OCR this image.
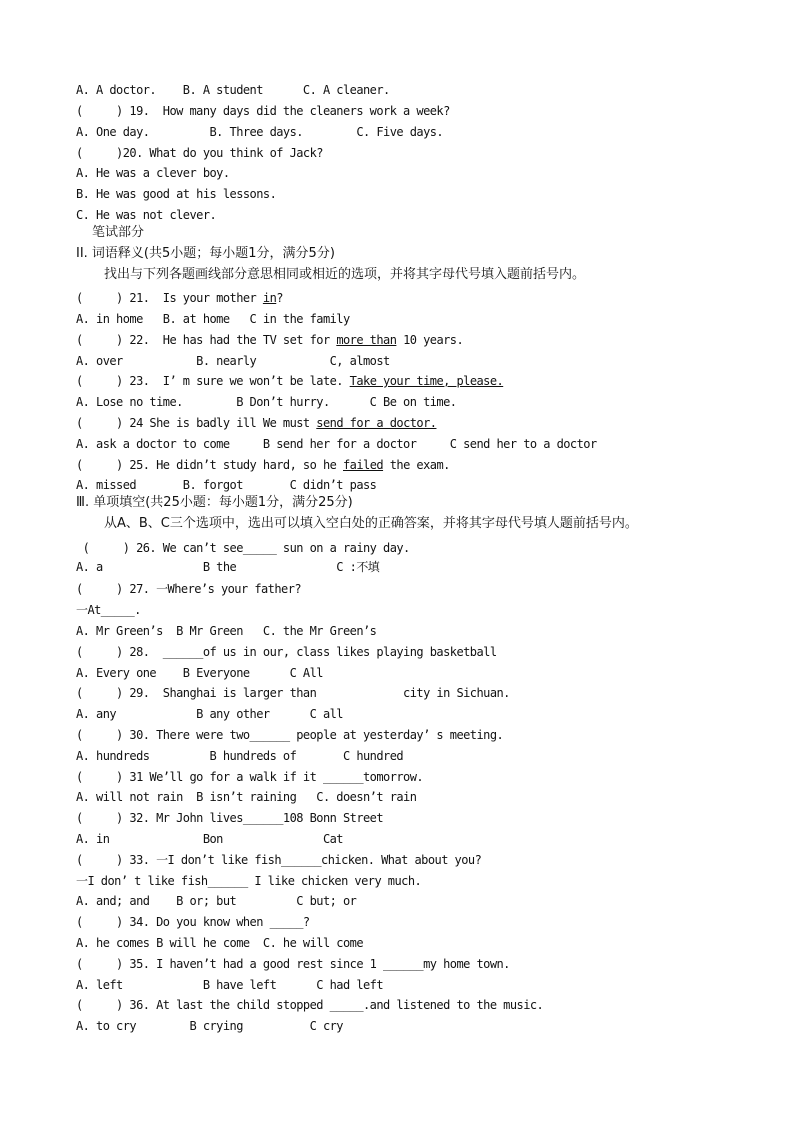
A. A doctor.    B. A student      C. A cleaner.
(     ) 19.  How many days did the cleaners work a week?
A. One day.         B. Three days.        C. Five days.
(     )20. What do you think of Jack?
A. He was a clever boy.
B. He was good at his lessons.
C. He was not clever.
笔试部分
II. 词语释义(共5小题；每小题1分，满分5分)
找出与下列各题画线部分意思相同或相近的选项，并将其字母代号填入题前括号内。
(     ) 21.  Is your mother in?
A. in home   B. at home   C in the family
(     ) 22.  He has had the TV set for more than 10 years.
A. over           B. nearly           C, almost
(     ) 23.  I’ m sure we won’t be late. Take your time, please.
A. Lose no time.        B Don’t hurry.      C Be on time.
(     ) 24 She is badly ill We must send for a doctor.
A. ask a doctor to come     B send her for a doctor     C send her to a doctor
(     ) 25. He didn’t study hard, so he failed the exam.
A. missed       B. forgot       C didn’t pass
Ⅲ. 单项填空(共25小题：每小题1分，满分25分)
从A、B、C三个选项中，选出可以填入空白处的正确答案，并将其字母代号填人题前括号内。
(     ) 26. We can’t see_____ sun on a rainy day.
A. a               B the               C :不填
(     ) 27. 一Where’s your father?
一At_____.
A. Mr Green’s  B Mr Green   C. the Mr Green’s
(     ) 28.  ______of us in our, class likes playing basketball
A. Every one    B Everyone      C All
(     ) 29.  Shanghai is larger than             city in Sichuan.
A. any            B any other      C all
(     ) 30. There were two______ people at yesterday’ s meeting.
A. hundreds         B hundreds of       C hundred
(     ) 31 We’ll go for a walk if it ______tomorrow.
A. will not rain  B isn’t raining   C. doesn’t rain
(     ) 32. Mr John lives______108 Bonn Street
A. in              Bon               Cat
(     ) 33. 一I don’t like fish______chicken. What about you?
一I don’ t like fish______ I like chicken very much.
A. and; and    B or; but         C but; or
(     ) 34. Do you know when _____?
A. he comes B will he come  C. he will come
(     ) 35. I haven’t had a good rest since 1 ______my home town.
A. left            B have left      C had left
(     ) 36. At last the child stopped _____.and listened to the music.
A. to cry        B crying          C cry
